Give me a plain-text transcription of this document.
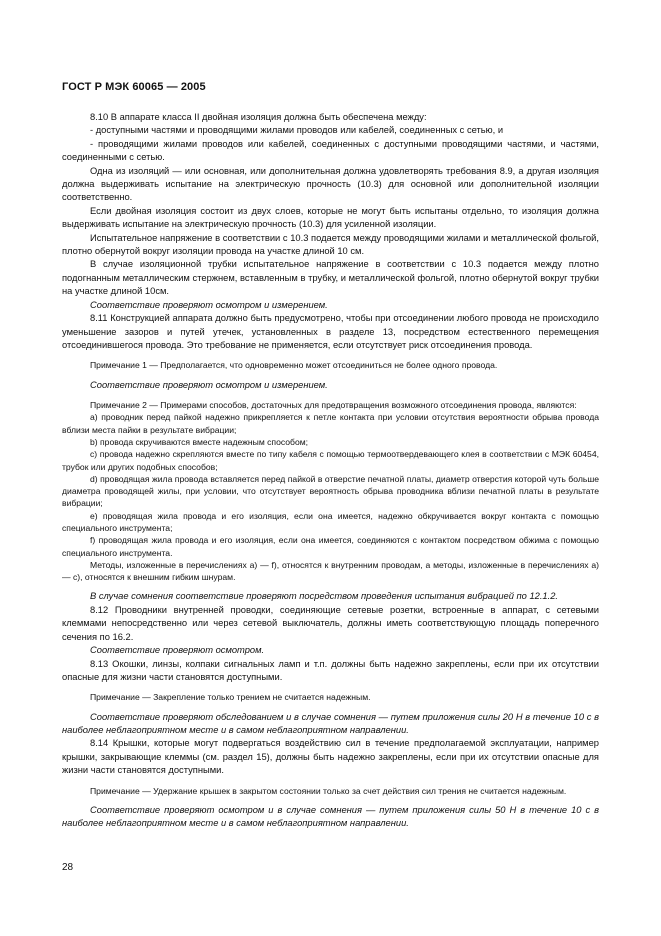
ГОСТ Р МЭК 60065 — 2005

8.10 В аппарате класса II двойная изоляция должна быть обеспечена между:

- доступными частями и проводящими жилами проводов или кабелей, соединенных с сетью, и

- проводящими жилами проводов или кабелей, соединенных с доступными проводящими частями, и частями, соединенными с сетью.

Одна из изоляций — или основная, или дополнительная должна удовлетворять требования 8.9, а другая изоляция должна выдерживать испытание на электрическую прочность (10.3) для основной или дополнительной изоляции соответственно.

Если двойная изоляция состоит из двух слоев, которые не могут быть испытаны отдельно, то изоляция должна выдерживать испытание на электрическую прочность (10.3) для усиленной изоляции.

Испытательное напряжение в соответствии с 10.3 подается между проводящими жилами и металлической фольгой, плотно обернутой вокруг изоляции провода на участке длиной 10 см.

В случае изоляционной трубки испытательное напряжение в соответствии с 10.3 подается между плотно подогнанным металлическим стержнем, вставленным в трубку, и металлической фольгой, плотно обернутой вокруг трубки на участке длиной 10см.

Соответствие проверяют осмотром и измерением.

8.11 Конструкцией аппарата должно быть предусмотрено, чтобы при отсоединении любого провода не происходило уменьшение зазоров и путей утечек, установленных в разделе 13, посредством естественного перемещения отсоединившегося провода. Это требование не применяется, если отсутствует риск отсоединения провода.

Примечание 1 — Предполагается, что одновременно может отсоединиться не более одного провода.

Соответствие проверяют осмотром и измерением.

Примечание 2 — Примерами способов, достаточных для предотвращения возможного отсоединения провода, являются:

а) проводник перед пайкой надежно прикрепляется к петле контакта при условии отсутствия вероятности обрыва провода вблизи места пайки в результате вибрации;

b) провода скручиваются вместе надежным способом;

с) провода надежно скрепляются вместе по типу кабеля с помощью термоотвердевающего клея в соответствии с МЭК 60454, трубок или других подобных способов;

d) проводящая жила провода вставляется перед пайкой в отверстие печатной платы, диаметр отверстия которой чуть больше диаметра проводящей жилы, при условии, что отсутствует вероятность обрыва проводника вблизи печатной платы в результате вибрации;

е) проводящая жила провода и его изоляция, если она имеется, надежно обкручивается вокруг контакта с помощью специального инструмента;

f) проводящая жила провода и его изоляция, если она имеется, соединяются с контактом посредством обжима с помощью специального инструмента.

Методы, изложенные в перечислениях а) — f), относятся к внутренним проводам, а методы, изложенные в перечислениях а) — с), относятся к внешним гибким шнурам.

В случае сомнения соответствие проверяют посредством проведения испытания вибрацией по 12.1.2.

8.12 Проводники внутренней проводки, соединяющие сетевые розетки, встроенные в аппарат, с сетевыми клеммами непосредственно или через сетевой выключатель, должны иметь соответствующую площадь поперечного сечения по 16.2.

Соответствие проверяют осмотром.

8.13 Окошки, линзы, колпаки сигнальных ламп и т.п. должны быть надежно закреплены, если при их отсутствии опасные для жизни части становятся доступными.

Примечание — Закрепление только трением не считается надежным.

Соответствие проверяют обследованием и в случае сомнения — путем приложения силы 20 Н в течение 10 с в наиболее неблагоприятном месте и в самом неблагоприятном направлении.

8.14 Крышки, которые могут подвергаться воздействию сил в течение предполагаемой эксплуатации, например крышки, закрывающие клеммы (см. раздел 15), должны быть надежно закреплены, если при их отсутствии опасные для жизни части становятся доступными.

Примечание — Удержание крышек в закрытом состоянии только за счет действия сил трения не считается надежным.

Соответствие проверяют осмотром и в случае сомнения — путем приложения силы 50 Н в течение 10 с в наиболее неблагоприятном месте и в самом неблагоприятном направлении.

28
